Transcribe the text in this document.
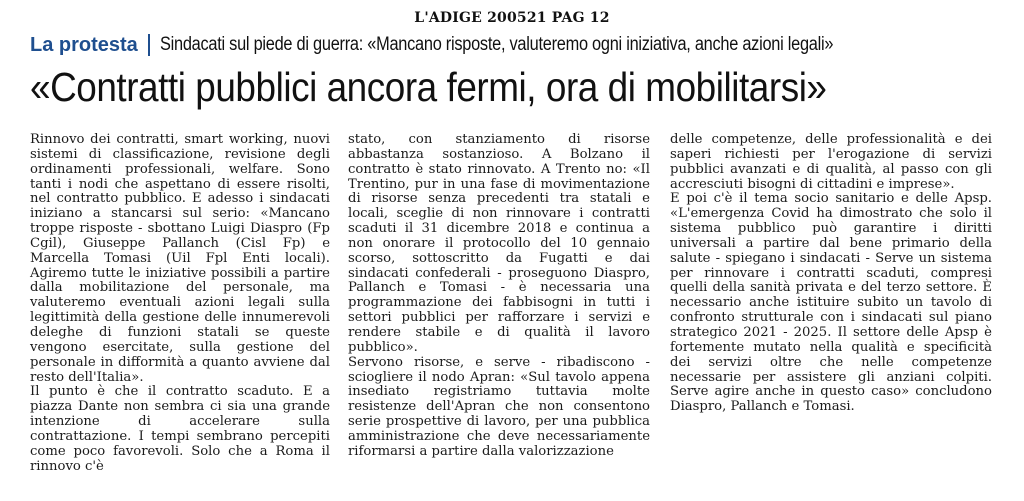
L'ADIGE 200521 PAG 12
La protesta Sindacati sul piede di guerra: «Mancano risposte, valuteremo ogni iniziativa, anche azioni legali»
«Contratti pubblici ancora fermi, ora di mobilitarsi»

Rinnovo dei contratti, smart working, nuovi sistemi di classificazione, revisione degli ordinamenti professionali, welfare. Sono tanti i nodi che aspettano di essere risolti, nel contratto pubblico. E adesso i sindacati iniziano a stancarsi sul serio: «Mancano troppe risposte - sbottano Luigi Diaspro (Fp Cgil), Giuseppe Pallanch (Cisl Fp) e Marcella Tomasi (Uil Fpl Enti locali). Agiremo tutte le iniziative possibili a partire dalla mobilitazione del personale, ma valuteremo eventuali azioni legali sulla legittimità della gestione delle innumerevoli deleghe di funzioni statali se queste vengono esercitate, sulla gestione del personale in difformità a quanto avviene dal resto dell'Italia».

Il punto è che il contratto scaduto. E a piazza Dante non sembra ci sia una grande intenzione di accelerare sulla contrattazione. I tempi sembrano percepiti come poco favorevoli. Solo che a Roma il rinnovo c'è

stato, con stanziamento di risorse abbastanza sostanzioso. A Bolzano il contratto è stato rinnovato. A Trento no: «Il Trentino, pur in una fase di movimentazione di risorse senza precedenti tra statali e locali, sceglie di non rinnovare i contratti scaduti il 31 dicembre 2018 e continua a non onorare il protocollo del 10 gennaio scorso, sottoscritto da Fugatti e dai sindacati confederali - proseguono Diaspro, Pallanch e Tomasi - è necessaria una programmazione dei fabbisogni in tutti i settori pubblici per rafforzare i servizi e rendere stabile e di qualità il lavoro pubblico».

Servono risorse, e serve - ribadiscono - sciogliere il nodo Apran: «Sul tavolo appena insediato registriamo tuttavia molte resistenze dell'Apran che non consentono serie prospettive di lavoro, per una pubblica amministrazione che deve necessariamente riformarsi a partire dalla valorizzazione

delle competenze, delle professionalità e dei saperi richiesti per l'erogazione di servizi pubblici avanzati e di qualità, al passo con gli accresciuti bisogni di cittadini e imprese».

E poi c'è il tema socio sanitario e delle Apsp. «L'emergenza Covid ha dimostrato che solo il sistema pubblico può garantire i diritti universali a partire dal bene primario della salute - spiegano i sindacati - Serve un sistema per rinnovare i contratti scaduti, compresi quelli della sanità privata e del terzo settore. È necessario anche istituire subito un tavolo di confronto strutturale con i sindacati sul piano strategico 2021 - 2025. Il settore delle Apsp è fortemente mutato nella qualità e specificità dei servizi oltre che nelle competenze necessarie per assistere gli anziani colpiti. Serve agire anche in questo caso» concludono Diaspro, Pallanch e Tomasi.
